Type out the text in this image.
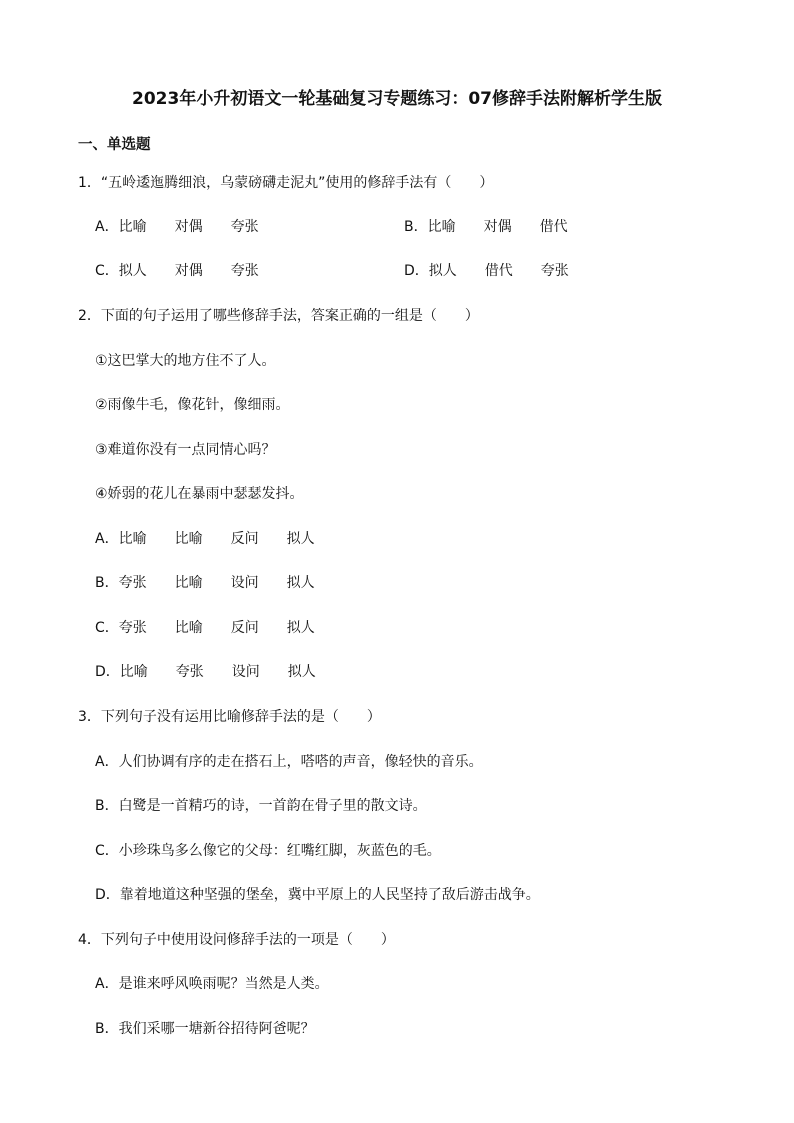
2023年小升初语文一轮基础复习专题练习：07修辞手法附解析学生版
一、单选题
1．“五岭逶迤腾细浪，乌蒙磅礴走泥丸”使用的修辞手法有（　　）
A．比喻　　对偶　　夸张	B．比喻　　对偶　　借代
C．拟人　　对偶　　夸张	D．拟人　　借代　　夸张
2．下面的句子运用了哪些修辞手法，答案正确的一组是（　　）
①这巴掌大的地方住不了人。
②雨像牛毛，像花针，像细雨。
③难道你没有一点同情心吗？
④娇弱的花儿在暴雨中瑟瑟发抖。
A．比喻　　比喻　　反问　　拟人
B．夸张　　比喻　　设问　　拟人
C．夸张　　比喻　　反问　　拟人
D．比喻　　夸张　　设问　　拟人
3．下列句子没有运用比喻修辞手法的是（　　）
A．人们协调有序的走在搭石上，嗒嗒的声音，像轻快的音乐。
B．白鹭是一首精巧的诗，一首韵在骨子里的散文诗。
C．小珍珠鸟多么像它的父母：红嘴红脚，灰蓝色的毛。
D．靠着地道这种坚强的堡垒，冀中平原上的人民坚持了敌后游击战争。
4．下列句子中使用设问修辞手法的一项是（　　）
A．是谁来呼风唤雨呢？当然是人类。
B．我们采哪一塘新谷招待阿爸呢？
